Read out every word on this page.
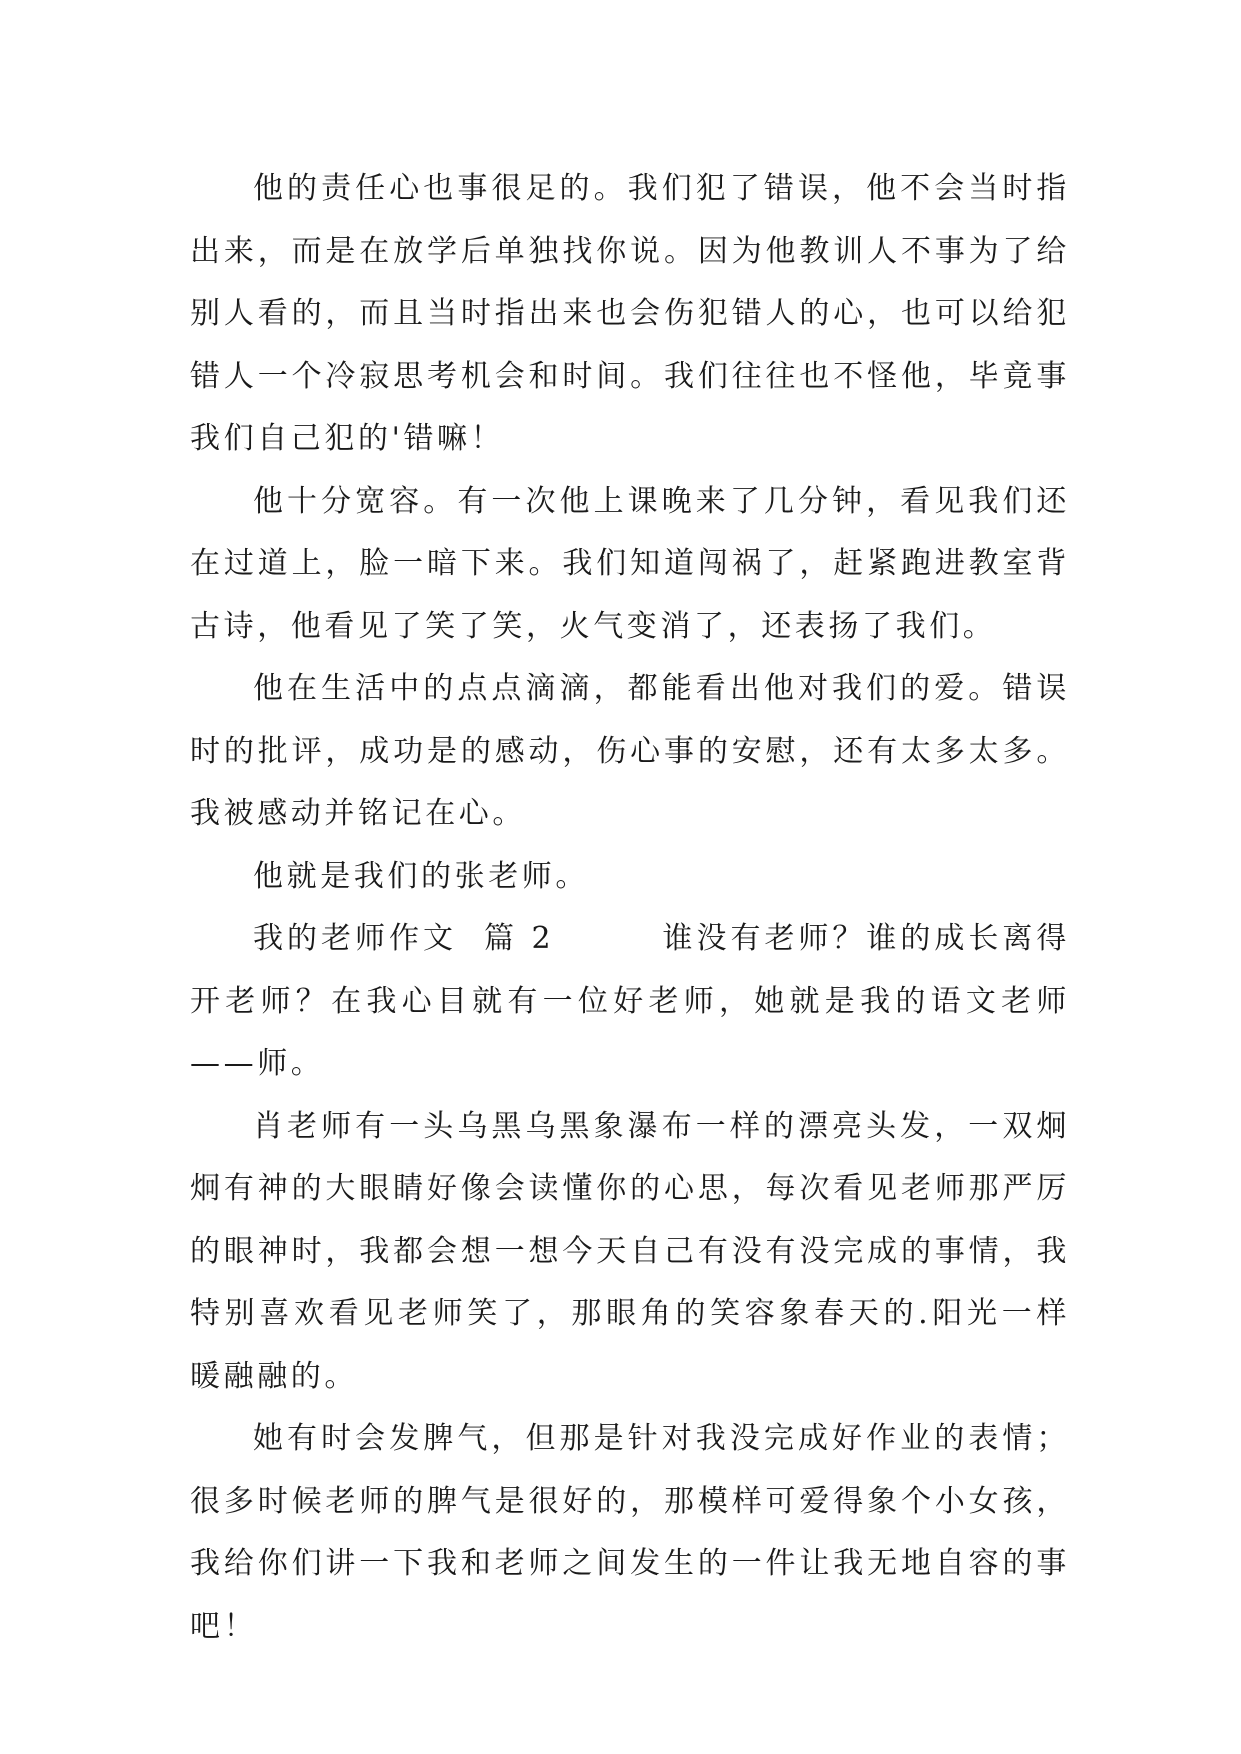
他的责任心也事很足的。我们犯了错误，他不会当时指出来，而是在放学后单独找你说。因为他教训人不事为了给别人看的，而且当时指出来也会伤犯错人的心，也可以给犯错人一个冷寂思考机会和时间。我们往往也不怪他，毕竟事我们自己犯的'错嘛！

他十分宽容。有一次他上课晚来了几分钟，看见我们还在过道上，脸一暗下来。我们知道闯祸了，赶紧跑进教室背古诗，他看见了笑了笑，火气变消了，还表扬了我们。

他在生活中的点点滴滴，都能看出他对我们的爱。错误时的批评，成功是的感动，伤心事的安慰，还有太多太多。我被感动并铭记在心。

他就是我们的张老师。

我的老师作文  篇 2        谁没有老师？谁的成长离得开老师？在我心目就有一位好老师，她就是我的语文老师——师。

肖老师有一头乌黑乌黑象瀑布一样的漂亮头发，一双炯炯有神的大眼睛好像会读懂你的心思，每次看见老师那严厉的眼神时，我都会想一想今天自己有没有没完成的事情，我特别喜欢看见老师笑了，那眼角的笑容象春天的.阳光一样暖融融的。

她有时会发脾气，但那是针对我没完成好作业的表情；很多时候老师的脾气是很好的，那模样可爱得象个小女孩，我给你们讲一下我和老师之间发生的一件让我无地自容的事吧！
